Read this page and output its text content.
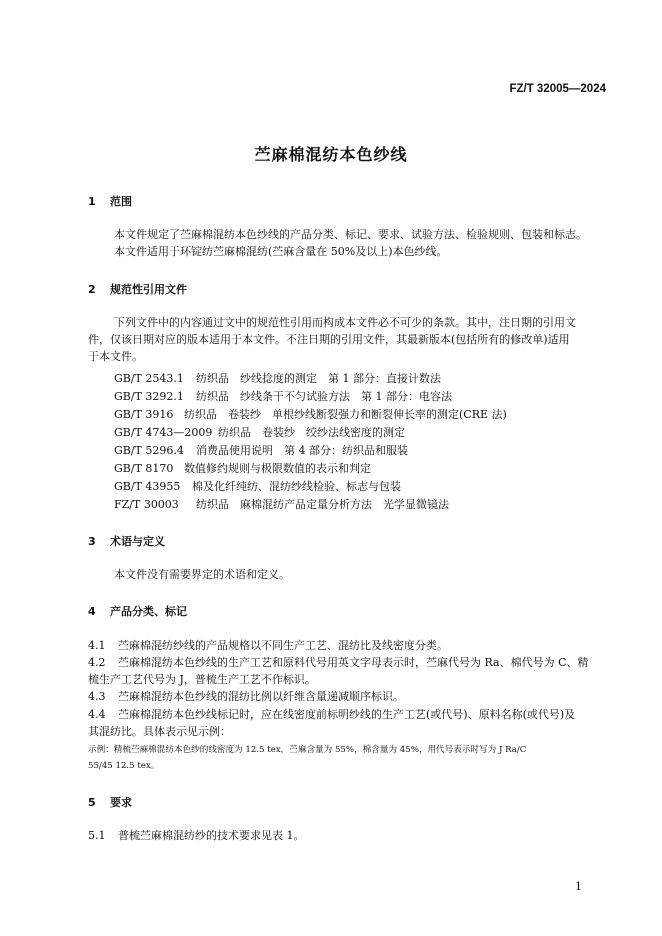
FZ/T 32005—2024
苎麻棉混纺本色纱线
1 范围
本文件规定了苎麻棉混纺本色纱线的产品分类、标记、要求、试验方法、检验规则、包装和标志。
本文件适用于环锭纺苎麻棉混纺(苎麻含量在 50%及以上)本色纱线。
2 规范性引用文件
下列文件中的内容通过文中的规范性引用而构成本文件必不可少的条款。其中，注日期的引用文
件，仅该日期对应的版本适用于本文件。不注日期的引用文件，其最新版本(包括所有的修改单)适用
于本文件。
GB/T 2543.1 纺织品　纱线捻度的测定　第 1 部分：直接计数法
GB/T 3292.1 纺织品　纱线条干不匀试验方法　第 1 部分：电容法
GB/T 3916 纺织品　卷装纱　单根纱线断裂强力和断裂伸长率的测定(CRE 法)
GB/T 4743—2009 纺织品　卷装纱　绞纱法线密度的测定
GB/T 5296.4 消费品使用说明　第 4 部分：纺织品和服装
GB/T 8170 数值修约规则与极限数值的表示和判定
GB/T 43955 棉及化纤纯纺、混纺纱线检验、标志与包装
FZ/T 30003 纺织品　麻棉混纺产品定量分析方法　光学显微镜法
3 术语与定义
本文件没有需要界定的术语和定义。
4 产品分类、标记
4.1 苎麻棉混纺纱线的产品规格以不同生产工艺、混纺比及线密度分类。
4.2 苎麻棉混纺本色纱线的生产工艺和原料代号用英文字母表示时，苎麻代号为 Ra、棉代号为 C、精
梳生产工艺代号为 J，普梳生产工艺不作标识。
4.3 苎麻棉混纺本色纱线的混纺比例以纤维含量递减顺序标识。
4.4 苎麻棉混纺本色纱线标记时，应在线密度前标明纱线的生产工艺(或代号)、原料名称(或代号)及
其混纺比。具体表示见示例：
示例：精梳苎麻棉混纺本色纱的线密度为 12.5 tex，苎麻含量为 55%，棉含量为 45%，用代号表示时写为 J Ra/C
55/45 12.5 tex。
5 要求
5.1 普梳苎麻棉混纺纱的技术要求见表 1。
1
